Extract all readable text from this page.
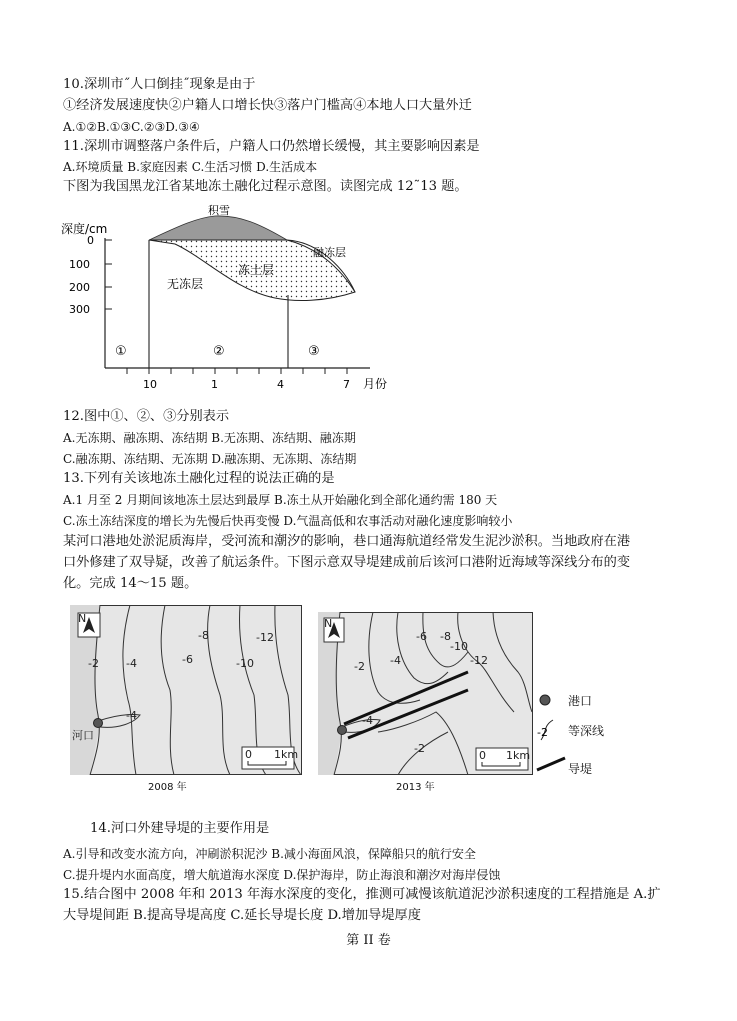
10.深圳市˝人口倒挂˝现象是由于
①经济发展速度快②户籍人口增长快③落户门槛高④本地人口大量外迁
A.①②B.①③C.②③D.③④
11.深圳市调整落户条件后，户籍人口仍然增长缓慢，其主要影响因素是
A.环境质量 B.家庭因素 C.生活习惯 D.生活成本
下图为我国黑龙江省某地冻土融化过程示意图。读图完成 12˜13 题。
深度/cm
0
100
200
300
10	1	4	7 月份
①	②	③
积雪
融冻层
冻土层
无冻层
12.图中①、②、③分别表示
A.无冻期、融冻期、冻结期 B.无冻期、冻结期、融冻期
C.融冻期、冻结期、无冻期 D.融冻期、无冻期、冻结期
13.下列有关该地冻土融化过程的说法正确的是
A.1 月至 2 月期间该地冻土层达到最厚 B.冻土从开始融化到全部化通约需 180 天
C.冻土冻结深度的增长为先慢后快再变慢 D.气温高低和农事活动对融化速度影响较小
某河口港地处淤泥质海岸，受河流和潮汐的影响，巷口通海航道经常发生泥沙淤积。当地政府在港
口外修建了双导疑，改善了航运条件。下图示意双导堤建成前后该河口港附近海域等深线分布的变
化。完成 14～15 题。
N
-2 -4	-6
-8
-10
-12
-4
河口
0 1km
2008 年
N
-2 -4
-6 -8
-10
-12
-4
-2
0 1km
2013 年
-2
港口
等深线
导堤
14.河口外建导堤的主要作用是
A.引导和改变水流方向，冲刷淤积泥沙 B.减小海面风浪，保障船只的航行安全
C.提升堤内水面高度，增大航道海水深度 D.保护海岸，防止海浪和潮汐对海岸侵蚀
15.结合图中 2008 年和 2013 年海水深度的变化，推测可减慢该航道泥沙淤积速度的工程措施是 A.扩
大导堤间距 B.提高导堤高度 C.延长导堤长度 D.增加导堤厚度
第 II 卷
